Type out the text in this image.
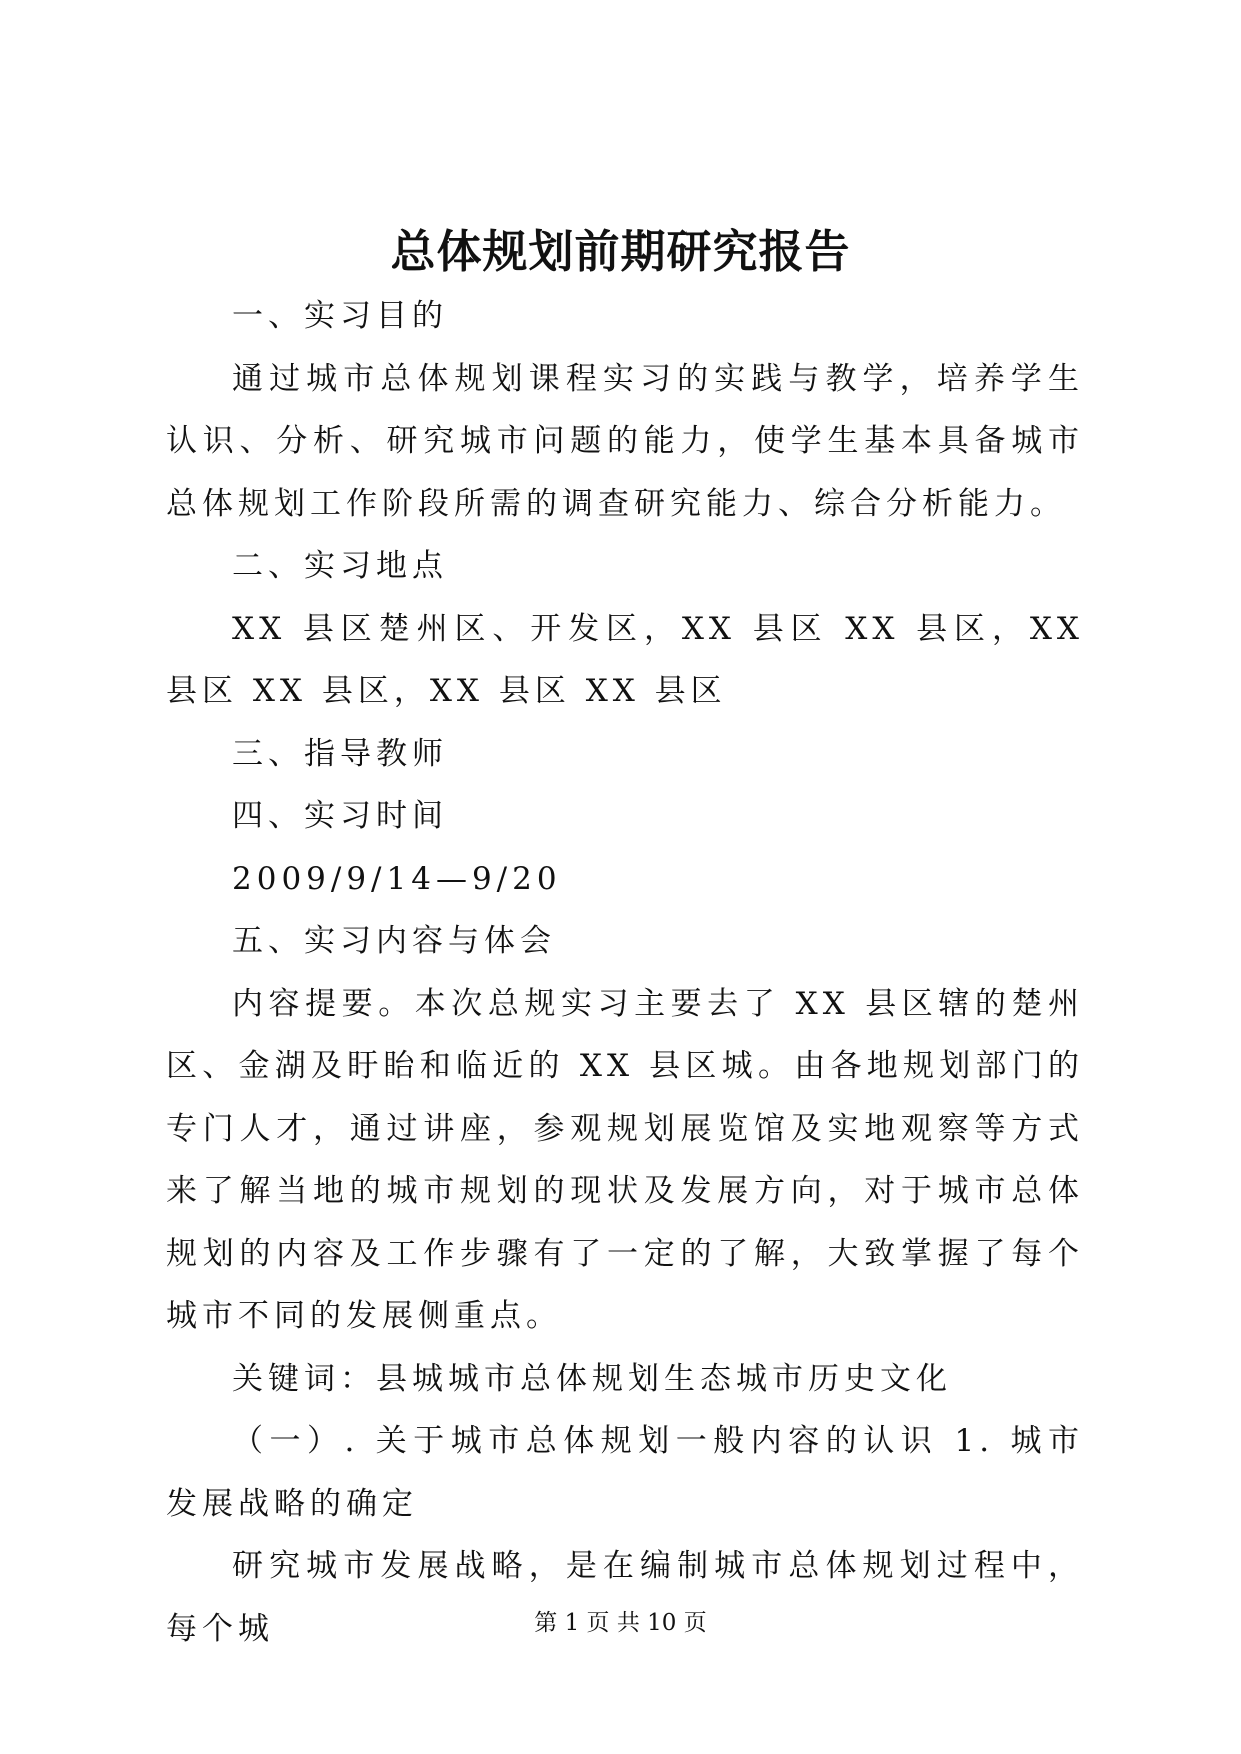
总体规划前期研究报告

一、实习目的

通过城市总体规划课程实习的实践与教学，培养学生认识、分析、研究城市问题的能力，使学生基本具备城市总体规划工作阶段所需的调查研究能力、综合分析能力。

二、实习地点

XX 县区楚州区、开发区，XX 县区 XX 县区，XX 县区 XX 县区，XX 县区 XX 县区

三、指导教师

四、实习时间

2009/9/14—9/20

五、实习内容与体会

内容提要。本次总规实习主要去了 XX 县区辖的楚州区、金湖及盱眙和临近的 XX 县区城。由各地规划部门的专门人才，通过讲座，参观规划展览馆及实地观察等方式来了解当地的城市规划的现状及发展方向，对于城市总体规划的内容及工作步骤有了一定的了解，大致掌握了每个城市不同的发展侧重点。

关键词：县城城市总体规划生态城市历史文化

（一）. 关于城市总体规划一般内容的认识 1. 城市发展战略的确定

研究城市发展战略，是在编制城市总体规划过程中，每个城	第 1 页 共 10 页
